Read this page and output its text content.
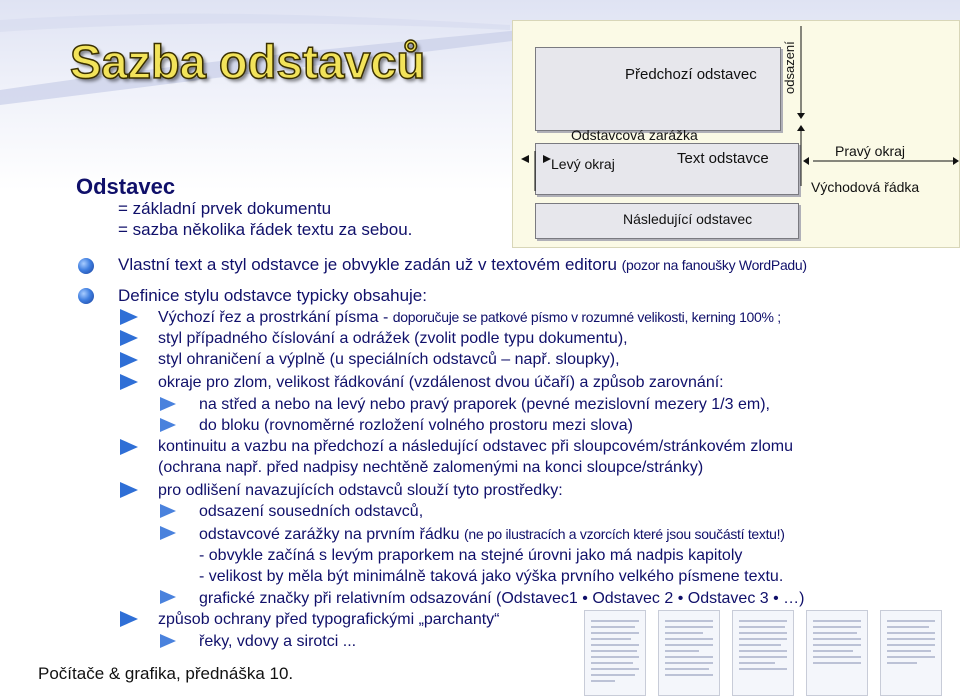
Sazba odstavců
Odstavec
= základní prvek dokumentu
= sazba několika řádek textu za sebou.
Předchozí odstavec
Odstavcová zarážka
Levý okraj	Text odstavce	Pravý okraj
Východová řádka
Následující odstavec
odsazení
Vlastní text a styl odstavce je obvykle zadán už v textovém editoru (pozor na fanoušky WordPadu)
Definice stylu odstavce typicky obsahuje:
Výchozí řez a prostrkání písma - doporučuje se patkové písmo v rozumné velikosti, kerning 100% ;
styl případného číslování a odrážek (zvolit podle typu dokumentu),
styl ohraničení a výplně (u speciálních odstavců – např. sloupky),
okraje pro zlom, velikost řádkování (vzdálenost dvou účaří) a způsob zarovnání:
na střed a nebo na levý nebo pravý praporek (pevné mezislovní mezery 1/3 em),
do bloku (rovnoměrné rozložení volného prostoru mezi slova)
kontinuitu a vazbu na předchozí a následující odstavec při sloupcovém/stránkovém zlomu
(ochrana např. před nadpisy nechtěně zalomenými na konci sloupce/stránky)
pro odlišení navazujících odstavců slouží tyto prostředky:
odsazení sousedních odstavců,
odstavcové zarážky na prvním řádku (ne po ilustracích a vzorcích které jsou součástí textu!)
- obvykle začíná s levým praporkem na stejné úrovni jako má nadpis kapitoly
- velikost by měla být minimálně taková jako výška prvního velkého písmene textu.
grafické značky při relativním odsazování (Odstavec1 • Odstavec 2 • Odstavec 3 • …)
způsob ochrany před typografickými „parchanty“
řeky, vdovy a sirotci ...
Počítače & grafika, přednáška 10.
